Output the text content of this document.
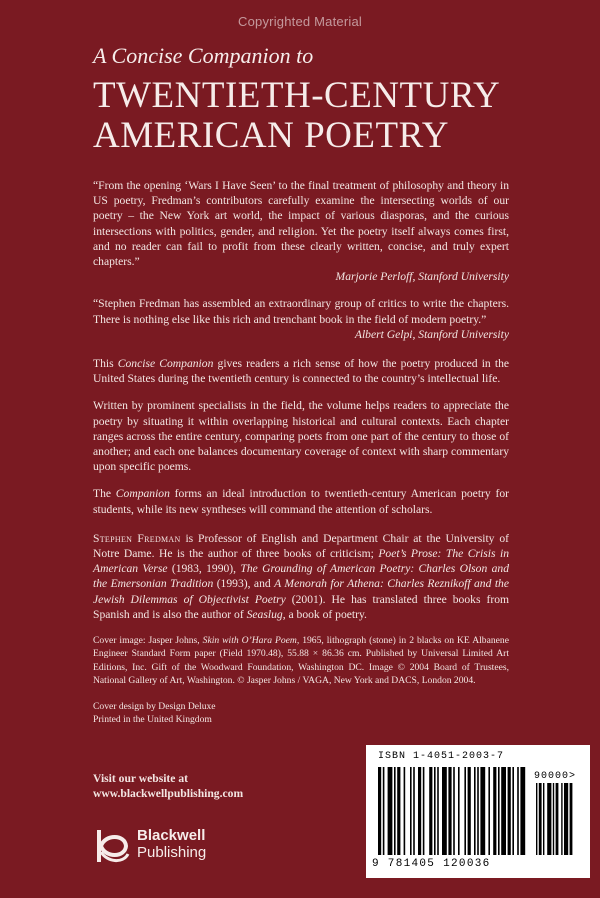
Copyrighted Material

A Concise Companion to

TWENTIETH-CENTURY
AMERICAN POETRY

“From the opening ‘Wars I Have Seen’ to the final treatment of philosophy and theory in US poetry, Fredman’s contributors carefully examine the intersecting worlds of our poetry – the New York art world, the impact of various diasporas, and the curious intersections with politics, gender, and religion. Yet the poetry itself always comes first, and no reader can fail to profit from these clearly written, concise, and truly expert chapters.”

Marjorie Perloff, Stanford University

“Stephen Fredman has assembled an extraordinary group of critics to write the chapters. There is nothing else like this rich and trenchant book in the field of modern poetry.”

Albert Gelpi, Stanford University

This Concise Companion gives readers a rich sense of how the poetry produced in the United States during the twentieth century is connected to the country’s intellectual life.

Written by prominent specialists in the field, the volume helps readers to appreciate the poetry by situating it within overlapping historical and cultural contexts. Each chapter ranges across the entire century, comparing poets from one part of the century to those of another; and each one balances documentary coverage of context with sharp commentary upon specific poems.

The Companion forms an ideal introduction to twentieth-century American poetry for students, while its new syntheses will command the attention of scholars.

Stephen Fredman is Professor of English and Department Chair at the University of Notre Dame. He is the author of three books of criticism; Poet’s Prose: The Crisis in American Verse (1983, 1990), The Grounding of American Poetry: Charles Olson and the Emersonian Tradition (1993), and A Menorah for Athena: Charles Reznikoff and the Jewish Dilemmas of Objectivist Poetry (2001). He has translated three books from Spanish and is also the author of Seaslug, a book of poetry.

Cover image: Jasper Johns, Skin with O’Hara Poem, 1965, lithograph (stone) in 2 blacks on KE Albanene Engineer Standard Form paper (Field 1970.48), 55.88 × 86.36 cm. Published by Universal Limited Art Editions, Inc. Gift of the Woodward Foundation, Washington DC. Image © 2004 Board of Trustees, National Gallery of Art, Washington. © Jasper Johns / VAGA, New York and DACS, London 2004.

Cover design by Design Deluxe
Printed in the United Kingdom

Visit our website at
www.blackwellpublishing.com
Blackwell
Publishing
ISBN 1-4051-2003-7
90000>
9 781405 120036
